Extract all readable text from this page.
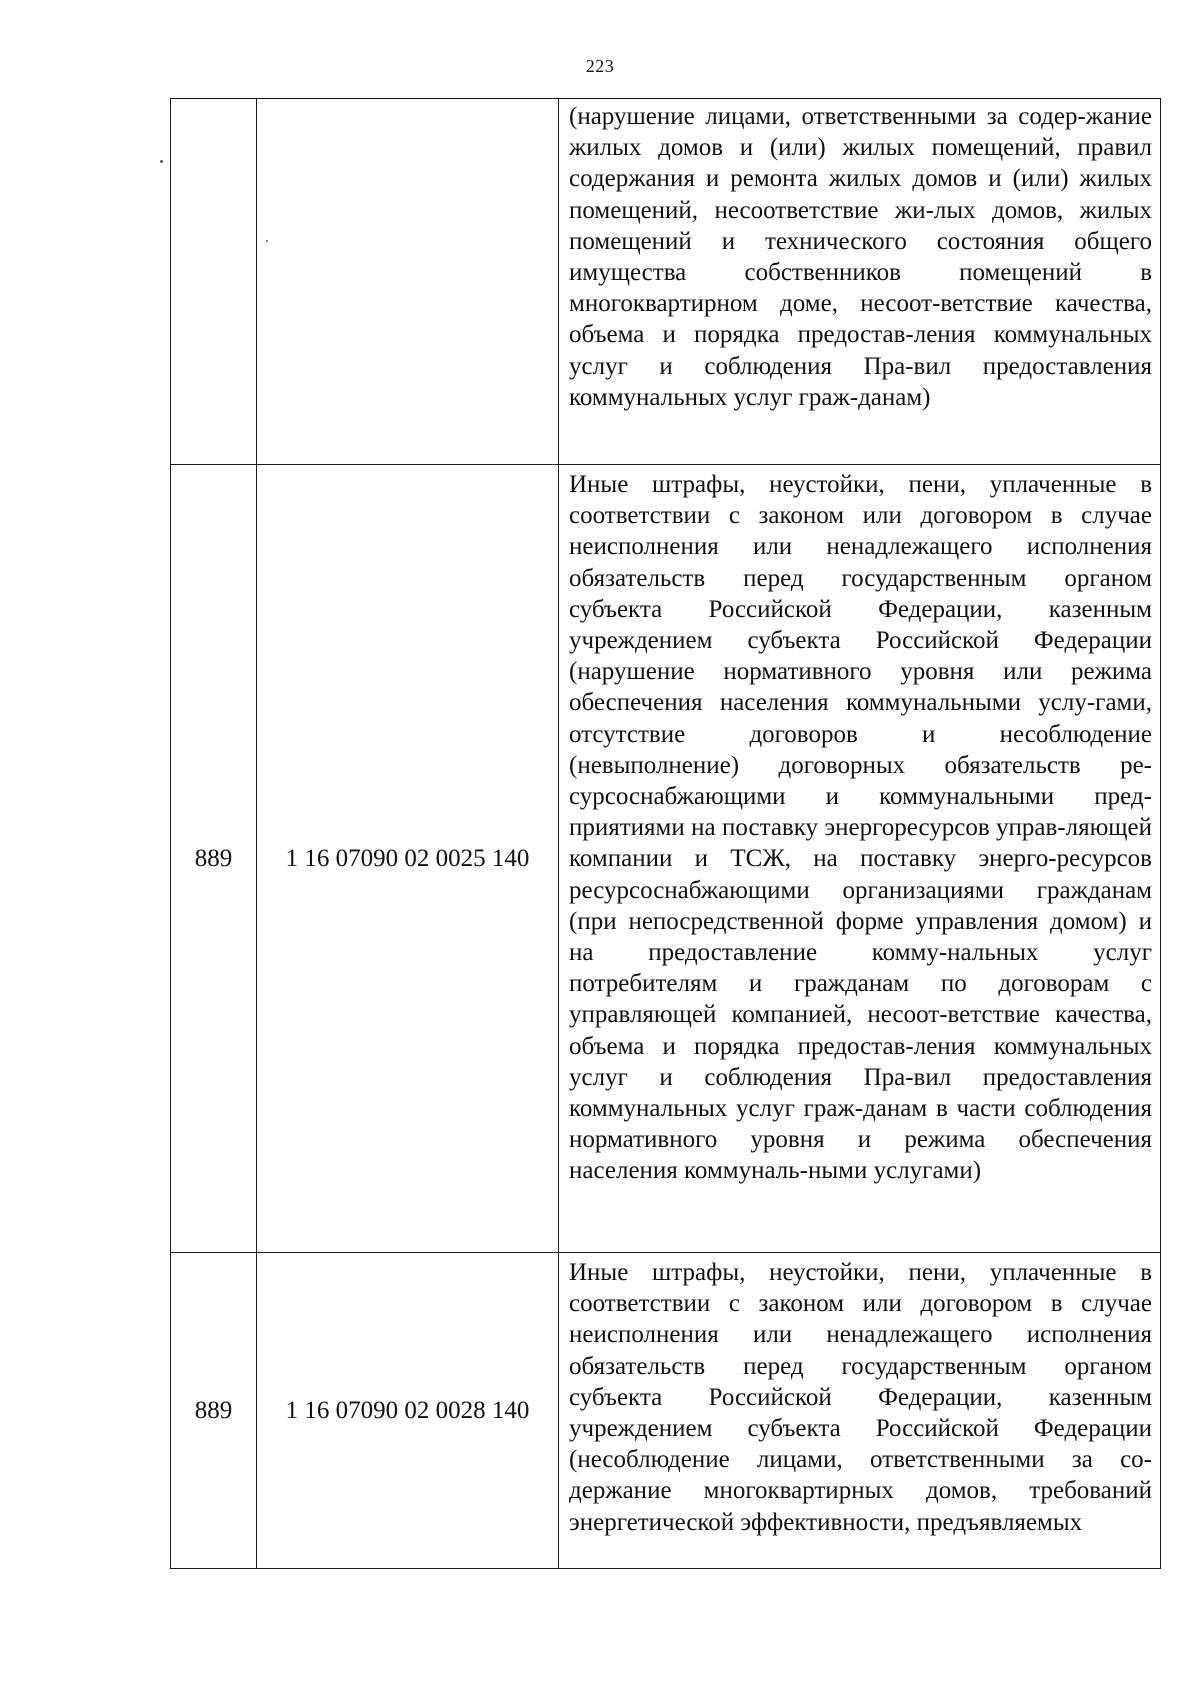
223
		(нарушение лицами, ответственными за содер-жание жилых домов и (или) жилых помещений, правил содержания и ремонта жилых домов и (или) жилых помещений, несоответствие жи-лых домов, жилых помещений и технического состояния общего имущества собственников помещений в многоквартирном доме, несоот-ветствие качества, объема и порядка предостав-ления коммунальных услуг и соблюдения Пра-вил предоставления коммунальных услуг граж-данам)
889	1 16 07090 02 0025 140	Иные штрафы, неустойки, пени, уплаченные в соответствии с законом или договором в случае неисполнения или ненадлежащего исполнения обязательств перед государственным органом субъекта Российской Федерации, казенным учреждением субъекта Российской Федерации (нарушение нормативного уровня или режима обеспечения населения коммунальными услу-гами, отсутствие договоров и несоблюдение (невыполнение) договорных обязательств ре-сурсоснабжающими и коммунальными пред-приятиями на поставку энергоресурсов управ-ляющей компании и ТСЖ, на поставку энерго-ресурсов ресурсоснабжающими организациями гражданам (при непосредственной форме управления домом) и на предоставление комму-нальных услуг потребителям и гражданам по договорам с управляющей компанией, несоот-ветствие качества, объема и порядка предостав-ления коммунальных услуг и соблюдения Пра-вил предоставления коммунальных услуг граж-данам в части соблюдения нормативного уровня и режима обеспечения населения коммуналь-ными услугами)
889	1 16 07090 02 0028 140	Иные штрафы, неустойки, пени, уплаченные в соответствии с законом или договором в случае неисполнения или ненадлежащего исполнения обязательств перед государственным органом субъекта Российской Федерации, казенным учреждением субъекта Российской Федерации (несоблюдение лицами, ответственными за со-держание многоквартирных домов, требований энергетической эффективности, предъявляемых
